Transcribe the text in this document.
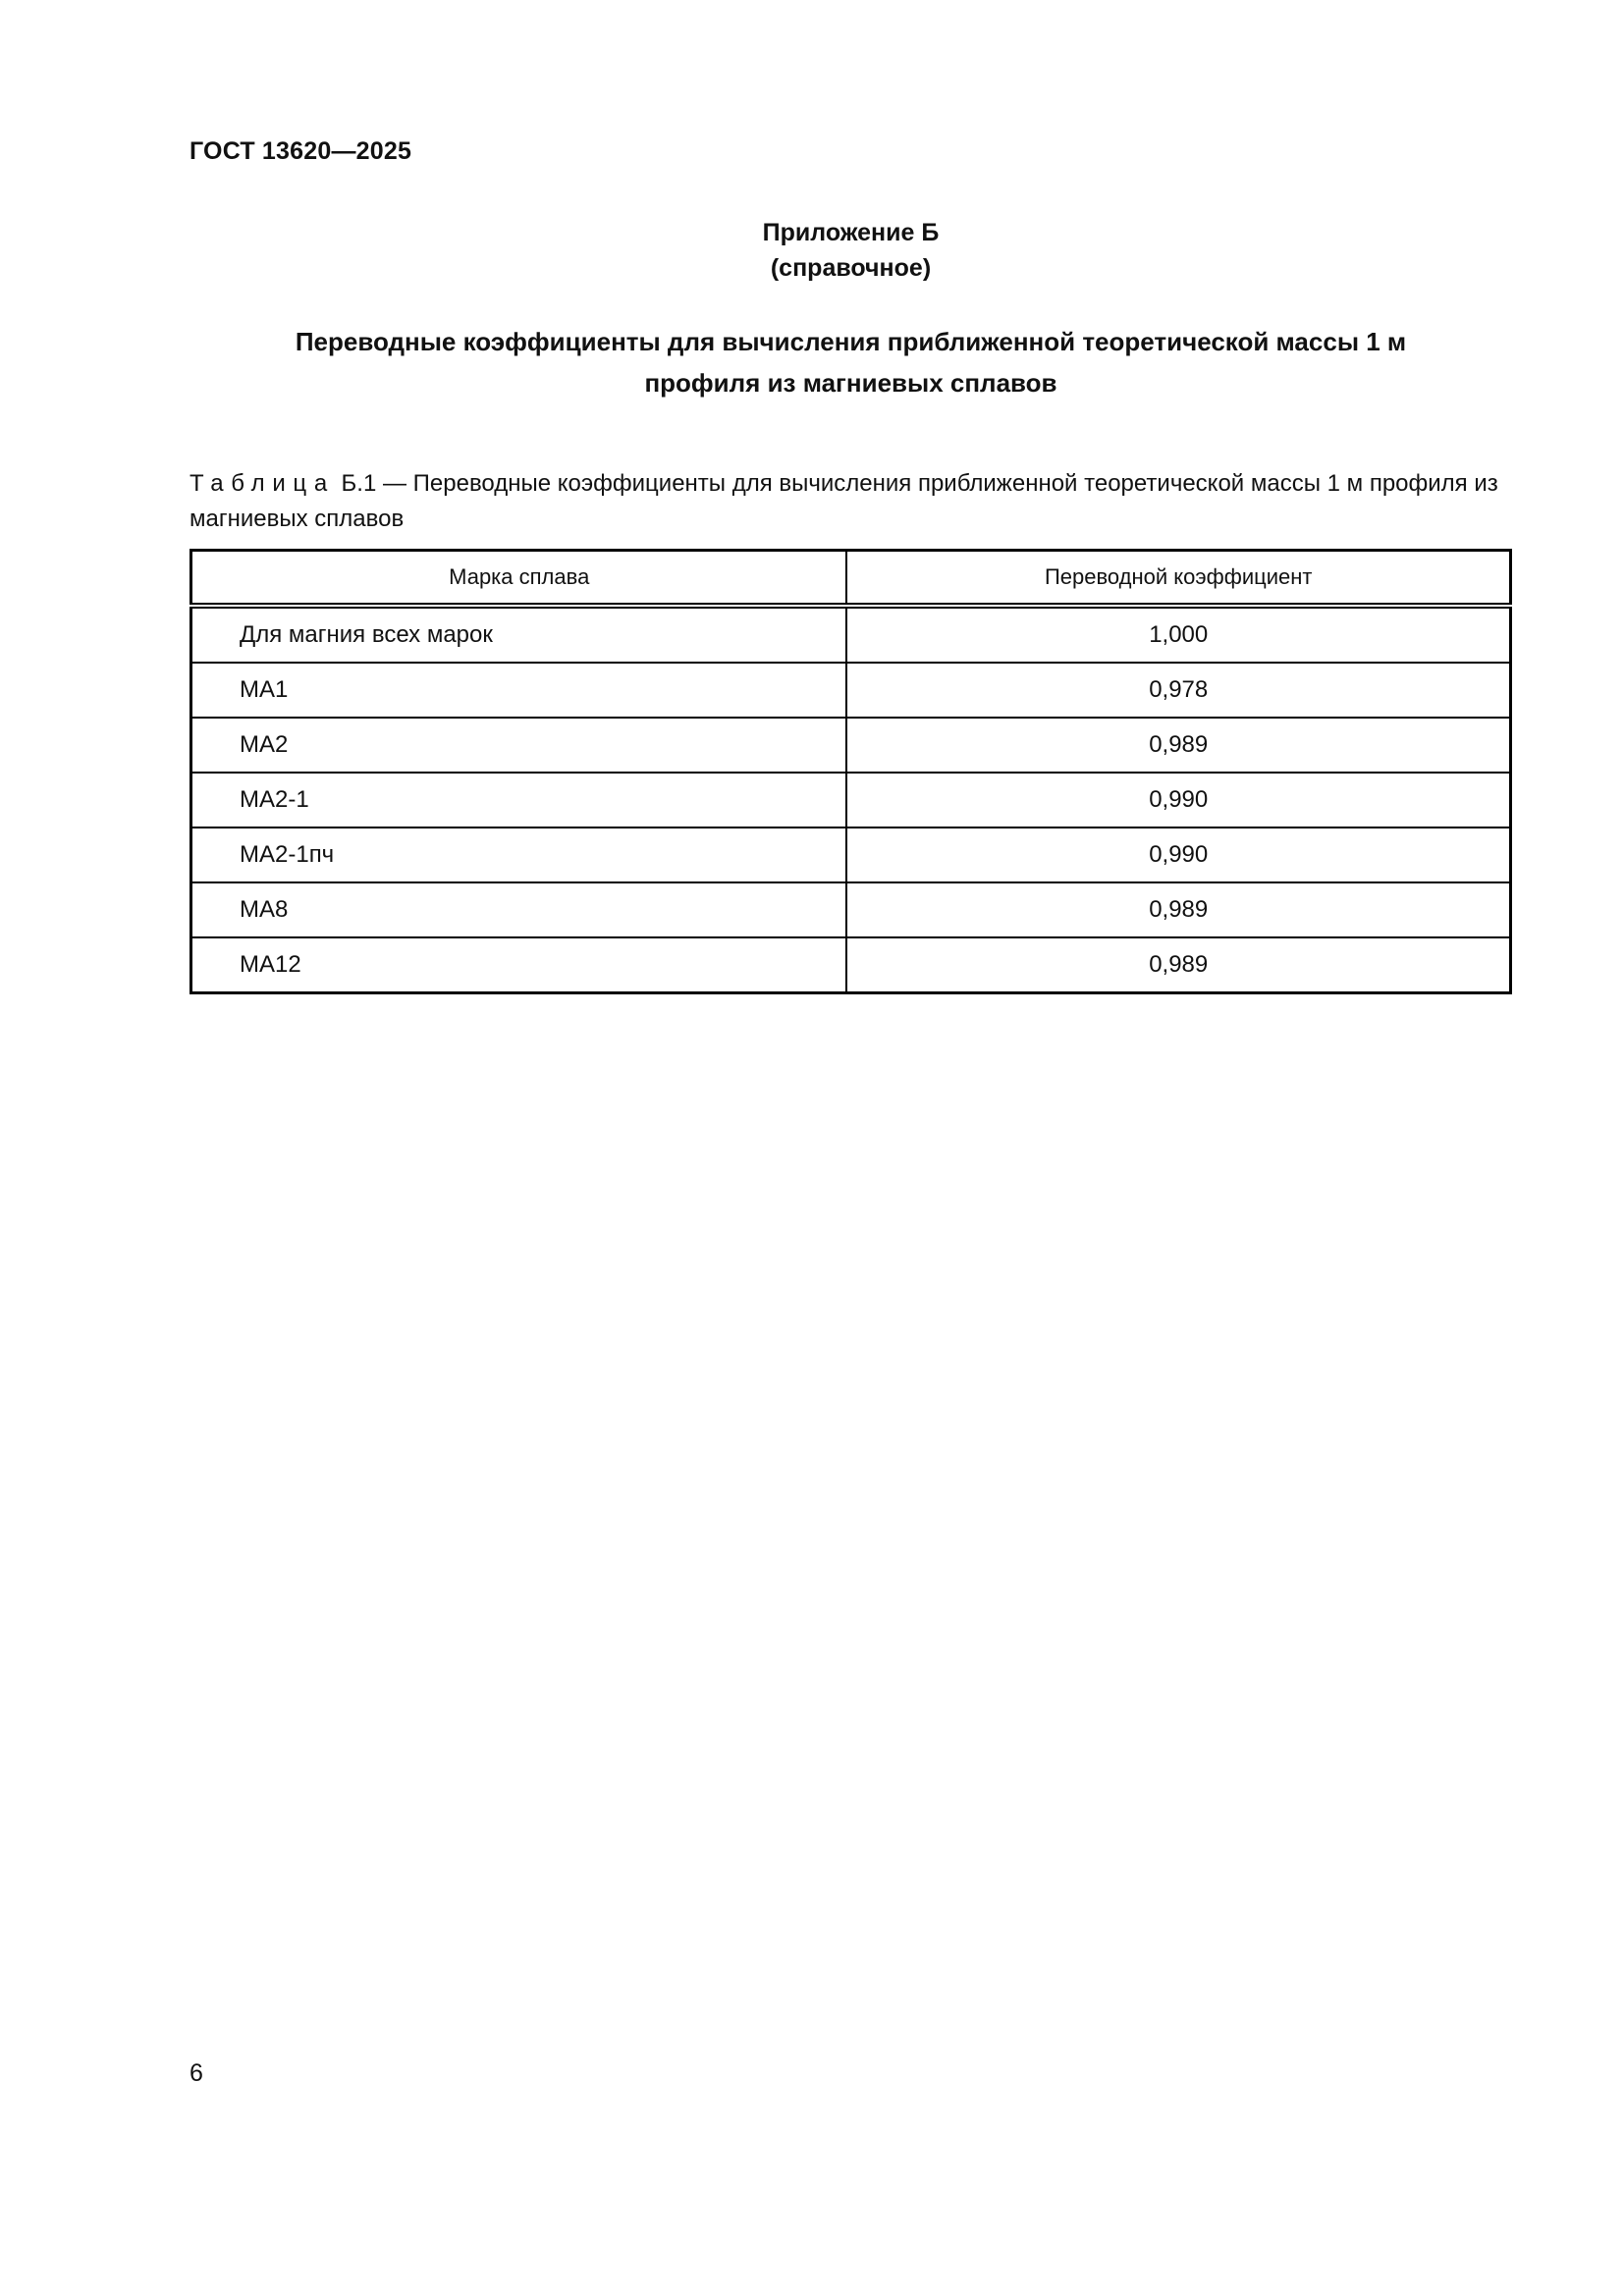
ГОСТ 13620—2025
Приложение Б
(справочное)
Переводные коэффициенты для вычисления приближенной теоретической массы 1 м
профиля из магниевых сплавов

Таблица Б.1 — Переводные коэффициенты для вычисления приближенной теоретической массы 1 м профиля из магниевых сплавов

Марка сплава	Переводной коэффициент
Для магния всех марок	1,000
МА1	0,978
МА2	0,989
МА2-1	0,990
МА2-1пч	0,990
МА8	0,989
МА12	0,989
6
